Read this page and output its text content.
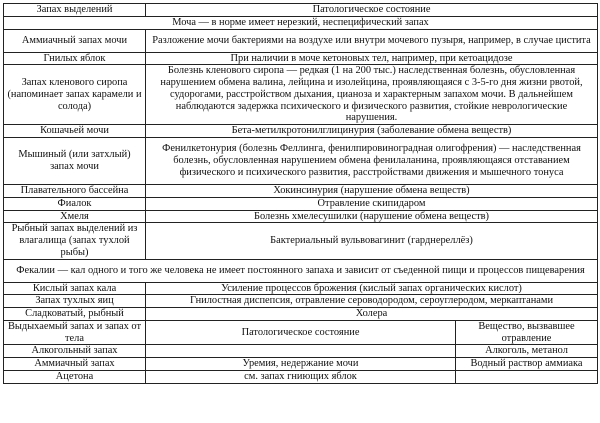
Запах выделений	Патологическое состояние	
Моча — в норме имеет нерезкий, неспецифический запах		
Аммиачный запах мочи	Разложение мочи бактериями на воздухе или внутри мочевого пузыря, например, в случае цистита	
Гнилых яблок	При наличии в моче кетоновых тел, например, при кетоацидозе	
Запах кленового сиропа (напоминает запах карамели и солода)	Болезнь кленового сиропа — редкая (1 на 200 тыс.) наследственная болезнь, обусловленная нарушением обмена валина, лейцина и изолейцина, проявляющаяся с 3-5-го дня жизни рвотой, судорогами, расстройством дыхания, цианоза и характерным запахом мочи. В дальнейшем наблюдаются задержка психического и физического развития, стойкие неврологические нарушения.	
Кошачьей мочи	Бета-метилкротонилглицинурия (заболевание обмена веществ)	
Мышиный (или затхлый) запах мочи	Фенилкетонурия (болезнь Феллинга, фенилпировиноградная олигофрения) — наследственная болезнь, обусловленная нарушением обмена фенилаланина, проявляющаяся отставанием физического и психического развития, расстройствами движения и мышечного тонуса	
Плавательного бассейна	Хокинсинурия (нарушение обмена веществ)	
Фиалок	Отравление скипидаром	
Хмеля	Болезнь хмелесушилки (нарушение обмена веществ)	
Рыбный запах выделений из влагалища (запах тухлой рыбы)	Бактериальный вульвовагинит (гарднереллёз)	
Фекалии — кал одного и того же человека не имеет постоянного запаха и зависит от съеденной пищи и процессов пищеварения		
Кислый запах кала	Усиление процессов брожения (кислый запах органических кислот)	
Запах тухлых яиц	Гнилостная диспепсия, отравление сероводородом, сероуглеродом, меркаптанами	
Сладковатый, рыбный	Холера	
Выдыхаемый запах и запах от тела	Патологическое состояние	Вещество, вызвавшее отравление
Алкогольный запах		Алкоголь, метанол
Аммиачный запах	Уремия, недержание мочи	Водный раствор аммиака
Ацетона	см. запах гниющих яблок	
